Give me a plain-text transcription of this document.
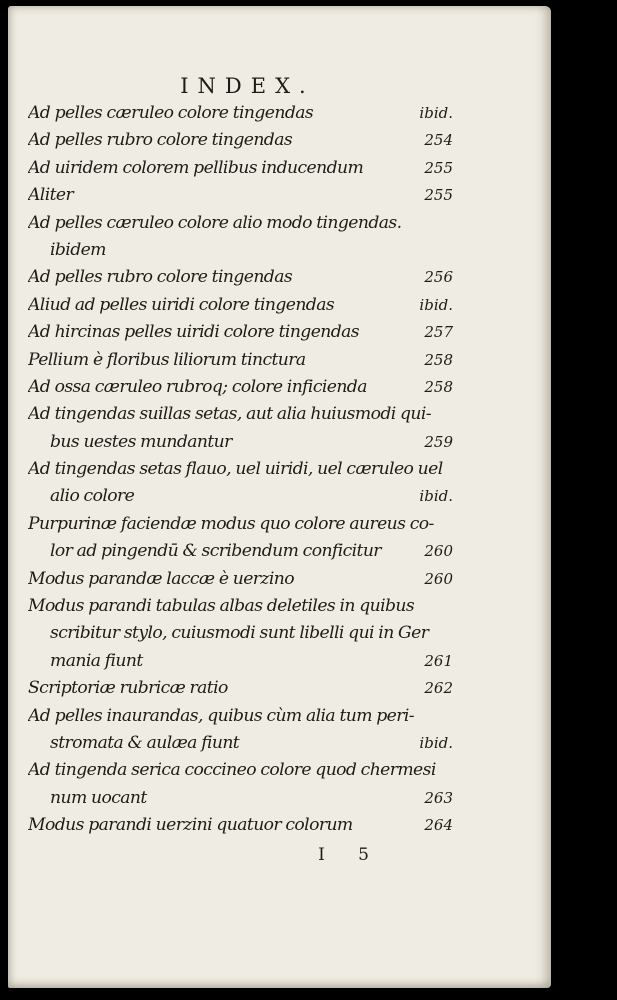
INDEX.
Ad pelles cæruleo colore tingendas	ibid.
Ad pelles rubro colore tingendas	254
Ad uiridem colorem pellibus inducendum	255
Aliter	255
Ad pelles cæruleo colore alio modo tingendas.
ibidem
Ad pelles rubro colore tingendas	256
Aliud ad pelles uiridi colore tingendas	ibid.
Ad hircinas pelles uiridi colore tingendas	257
Pellium è floribus liliorum tinctura	258
Ad ossa cæruleo rubroq; colore inficienda	258
Ad tingendas suillas setas, aut alia huiusmodi qui-
bus uestes mundantur	259
Ad tingendas setas flauo, uel uiridi, uel cæruleo uel
alio colore	ibid.
Purpurinæ faciendæ modus quo colore aureus co-
lor ad pingendū & scribendum conficitur	260
Modus parandæ laccæ è uerzino	260
Modus parandi tabulas albas deletiles in quibus
scribitur stylo, cuiusmodi sunt libelli qui in Ger
mania fiunt	261
Scriptoriæ rubricæ ratio	262
Ad pelles inaurandas, quibus cùm alia tum peri-
stromata & aulæa fiunt	ibid.
Ad tingenda serica coccineo colore quod chermesi
num uocant	263
Modus parandi uerzini quatuor colorum	264
I 5
